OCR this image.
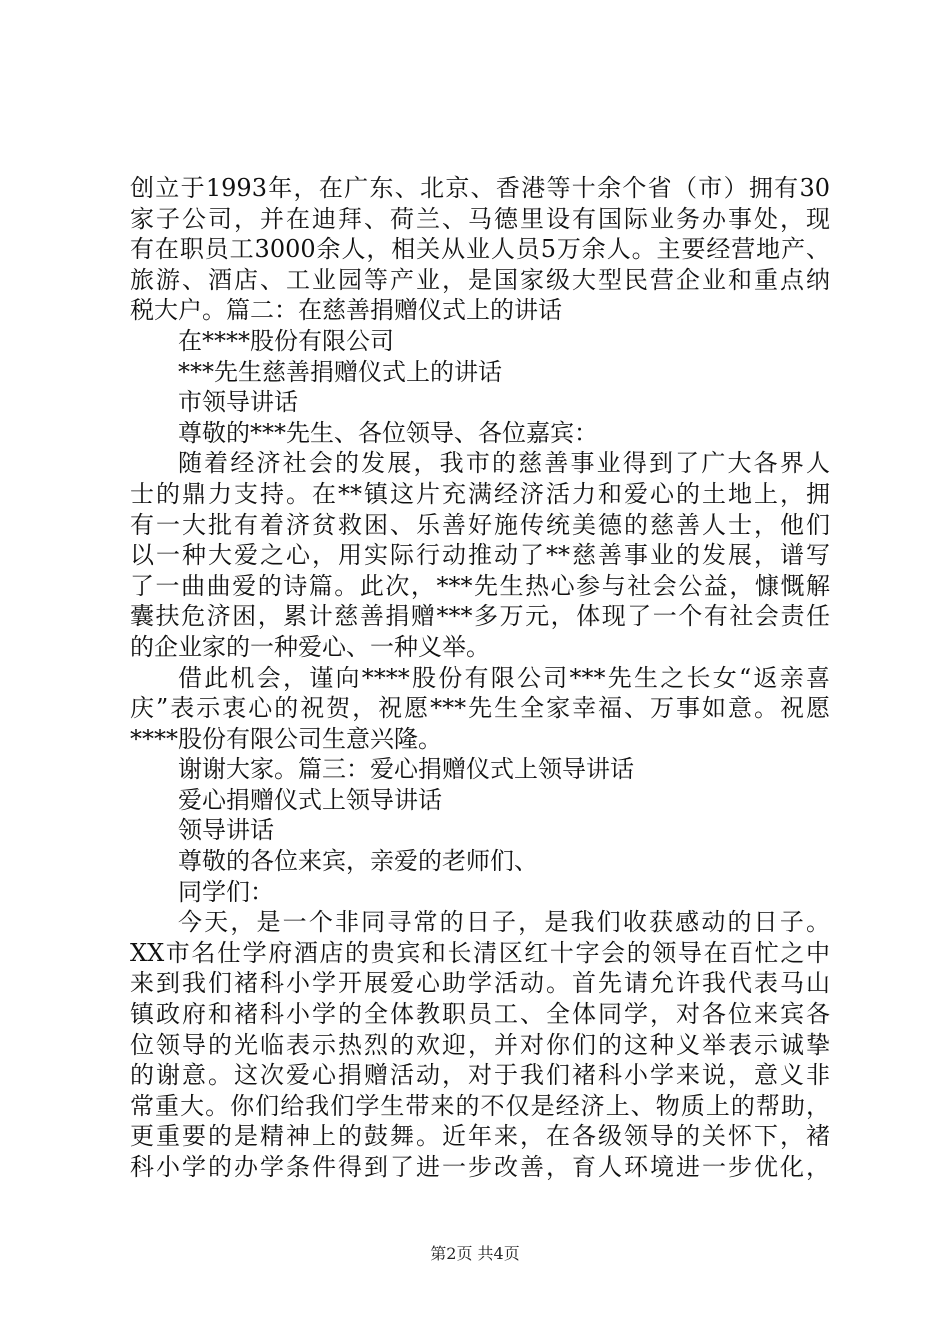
创立于1993年，在广东、北京、香港等十余个省（市）拥有30
家子公司，并在迪拜、荷兰、马德里设有国际业务办事处，现
有在职员工3000余人，相关从业人员5万余人。主要经营地产、
旅游、酒店、工业园等产业，是国家级大型民营企业和重点纳
税大户。篇二：在慈善捐赠仪式上的讲话
在****股份有限公司
***先生慈善捐赠仪式上的讲话
市领导讲话
尊敬的***先生、各位领导、各位嘉宾：
随着经济社会的发展，我市的慈善事业得到了广大各界人
士的鼎力支持。在**镇这片充满经济活力和爱心的土地上，拥
有一大批有着济贫救困、乐善好施传统美德的慈善人士，他们
以一种大爱之心，用实际行动推动了**慈善事业的发展，谱写
了一曲曲爱的诗篇。此次，***先生热心参与社会公益，慷慨解
囊扶危济困，累计慈善捐赠***多万元，体现了一个有社会责任
的企业家的一种爱心、一种义举。
借此机会，谨向****股份有限公司***先生之长女“返亲喜
庆”表示衷心的祝贺，祝愿***先生全家幸福、万事如意。祝愿
****股份有限公司生意兴隆。
谢谢大家。篇三：爱心捐赠仪式上领导讲话
爱心捐赠仪式上领导讲话
领导讲话
尊敬的各位来宾，亲爱的老师们、
同学们：
今天，是一个非同寻常的日子，是我们收获感动的日子。
XX市名仕学府酒店的贵宾和长清区红十字会的领导在百忙之中
来到我们褚科小学开展爱心助学活动。首先请允许我代表马山
镇政府和褚科小学的全体教职员工、全体同学，对各位来宾各
位领导的光临表示热烈的欢迎，并对你们的这种义举表示诚挚
的谢意。这次爱心捐赠活动，对于我们褚科小学来说，意义非
常重大。你们给我们学生带来的不仅是经济上、物质上的帮助，
更重要的是精神上的鼓舞。近年来，在各级领导的关怀下，褚
科小学的办学条件得到了进一步改善，育人环境进一步优化，
第2页 共4页
